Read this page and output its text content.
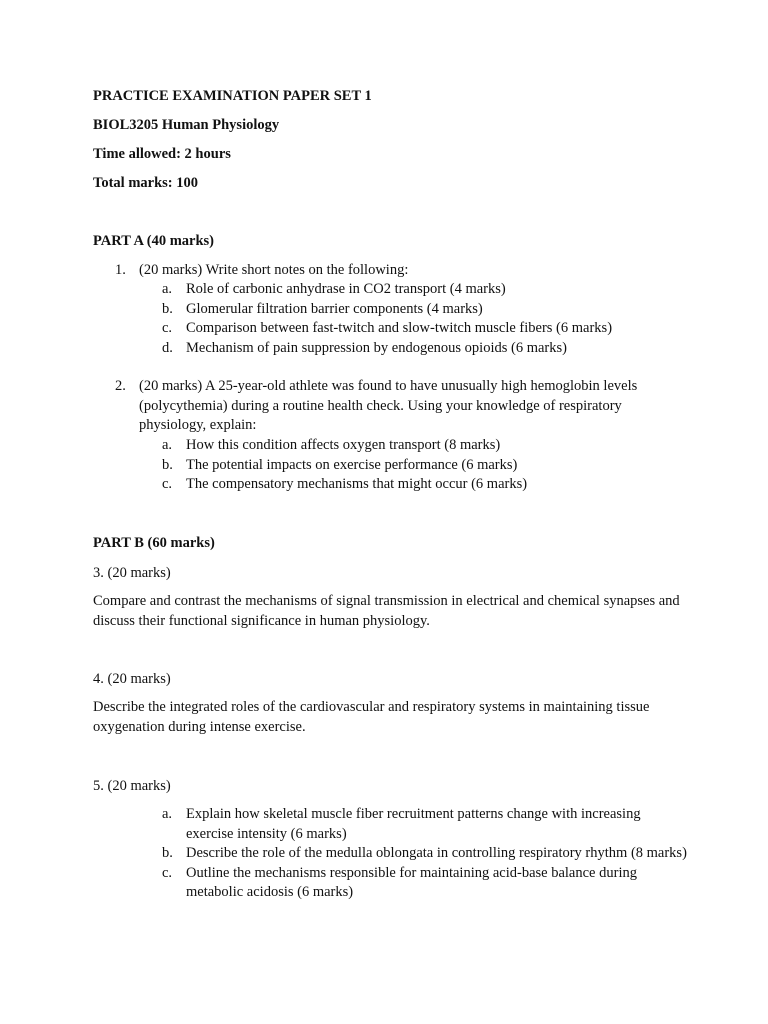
PRACTICE EXAMINATION PAPER SET 1
BIOL3205 Human Physiology
Time allowed: 2 hours
Total marks: 100
PART A (40 marks)
1. (20 marks) Write short notes on the following:
a. Role of carbonic anhydrase in CO2 transport (4 marks)
b. Glomerular filtration barrier components (4 marks)
c. Comparison between fast-twitch and slow-twitch muscle fibers (6 marks)
d. Mechanism of pain suppression by endogenous opioids (6 marks)
2. (20 marks) A 25-year-old athlete was found to have unusually high hemoglobin levels (polycythemia) during a routine health check. Using your knowledge of respiratory physiology, explain:
a. How this condition affects oxygen transport (8 marks)
b. The potential impacts on exercise performance (6 marks)
c. The compensatory mechanisms that might occur (6 marks)
PART B (60 marks)
3. (20 marks)
Compare and contrast the mechanisms of signal transmission in electrical and chemical synapses and discuss their functional significance in human physiology.
4. (20 marks)
Describe the integrated roles of the cardiovascular and respiratory systems in maintaining tissue oxygenation during intense exercise.
5. (20 marks)
a. Explain how skeletal muscle fiber recruitment patterns change with increasing exercise intensity (6 marks)
b. Describe the role of the medulla oblongata in controlling respiratory rhythm (8 marks)
c. Outline the mechanisms responsible for maintaining acid-base balance during metabolic acidosis (6 marks)
